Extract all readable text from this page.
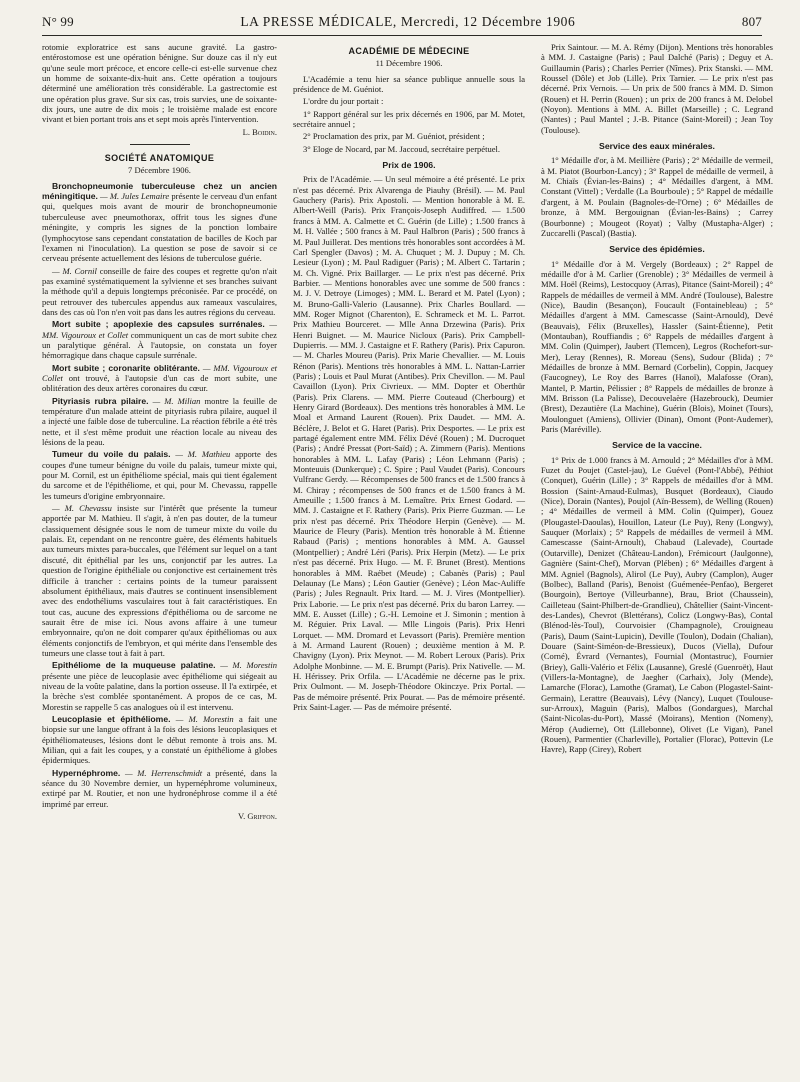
N° 99	LA PRESSE MÉDICALE, Mercredi, 12 Décembre 1906	807

rotomie exploratrice est sans aucune gravité. La gastro-entérostomose est une opération bénigne. Sur douze cas il n'y eut qu'une seule mort précoce, et encore celle-ci est-elle survenue chez un homme de soixante-dix-huit ans. Cette opération a toujours déterminé une amélioration très considérable. La gastrectomie est une opération plus grave. Sur six cas, trois survies, une de soixante-dix jours, une autre de dix mois ; le troisième malade est encore vivant et bien portant trois ans et sept mois après l'intervention.

L. Boidin.
SOCIÉTÉ ANATOMIQUE
7 Décembre 1906.

Bronchopneumonie tuberculeuse chez un ancien méningitique. — M. Jules Lemaire présente le cerveau d'un enfant qui, quelques mois avant de mourir de bronchopneumonie tuberculeuse avec pneumothorax, offrit tous les signes d'une méningite, y compris les signes de la ponction lombaire (lymphocytose sans cependant constatation de bacilles de Koch par l'examen ni l'inoculation). La question se pose de savoir si ce cerveau présente actuellement des lésions de tuberculose guérie.

— M. Cornil conseille de faire des coupes et regrette qu'on n'ait pas examiné systématiquement la sylvienne et ses branches suivant la méthode qu'il a depuis longtemps préconisée. Par ce procédé, on peut retrouver des tubercules appendus aux rameaux vasculaires, dans des cas où l'on n'en voit pas dans les autres régions du cerveau.

Mort subite ; apoplexie des capsules surrénales. — MM. Vigouroux et Collet communiquent un cas de mort subite chez un paralytique général. À l'autopsie, on constata un foyer hémorragique dans chaque capsule surrénale.

Mort subite ; coronarite oblitérante. — MM. Vigouroux et Collet ont trouvé, à l'autopsie d'un cas de mort subite, une oblitération des deux artères coronaires du cœur.

Pityriasis rubra pilaire. — M. Milian montre la feuille de température d'un malade atteint de pityriasis rubra pilaire, auquel il a injecté une faible dose de tuberculine. La réaction fébrile a été très nette, et il s'est même produit une réaction locale au niveau des lésions de la peau.

Tumeur du voile du palais. — M. Mathieu apporte des coupes d'une tumeur bénigne du voile du palais, tumeur mixte qui, pour M. Cornil, est un épithéliome spécial, mais qui tient également du sarcome et de l'épithéliome, et qui, pour M. Chevassu, rappelle les tumeurs d'origine embryonnaire.

— M. Chevassu insiste sur l'intérêt que présente la tumeur apportée par M. Mathieu. Il s'agit, à n'en pas douter, de la tumeur classiquement désignée sous le nom de tumeur mixte du voile du palais. Et, cependant on ne rencontre guère, des éléments habituels aux tumeurs mixtes para-buccales, que l'élément sur lequel on a tant discuté, dit épithélial par les uns, conjonctif par les autres. La question de l'origine épithéliale ou conjonctive est certainement très difficile à trancher : certains points de la tumeur paraissent absolument épithéliaux, mais d'autres se continuent insensiblement avec des endothéliums vasculaires tout à fait caractéristiques. En tout cas, aucune des expressions d'épithélioma ou de sarcome ne saurait être de mise ici. Nous avons affaire à une tumeur embryonnaire, qu'on ne doit comparer qu'aux épithéliomas ou aux éléments conjonctifs de l'embryon, et qui mérite dans l'ensemble des tumeurs une classe tout à fait à part.

Epithéliome de la muqueuse palatine. — M. Morestin présente une pièce de leucoplasie avec épithéliome qui siégeait au niveau de la voûte palatine, dans la portion osseuse. Il l'a extirpée, et la brèche s'est comblée spontanément. A propos de ce cas, M. Morestin se rappelle 5 cas analogues où il est intervenu.

Leucoplasie et épithéliome. — M. Morestin a fait une biopsie sur une langue offrant à la fois des lésions leucoplasiques et épithéliomateuses, lésions dont le début remonte à trois ans. M. Milian, qui a fait les coupes, y a constaté un épithéliome à globes épidermiques.

Hypernéphrome. — M. Herrenschmidt a présenté, dans la séance du 30 Novembre dernier, un hypernéphrome volumineux, extirpé par M. Routier, et non une hydronéphrose comme il a été imprimé par erreur.

V. Griffon.
ACADÉMIE DE MÉDECINE
11 Décembre 1906.

L'Académie a tenu hier sa séance publique annuelle sous la présidence de M. Guéniot.

L'ordre du jour portait :

1° Rapport général sur les prix décernés en 1906, par M. Motet, secrétaire annuel ;

2° Proclamation des prix, par M. Guéniot, président ;

3° Eloge de Nocard, par M. Jaccoud, secrétaire perpétuel.

Prix de 1906.

Prix de l'Académie. — Un seul mémoire a été présenté. Le prix n'est pas décerné. Prix Alvarenga de Piauhy (Brésil). — M. Paul Gauchery (Paris). Prix Apostoli. — Mention honorable à M. E. Albert-Weill (Paris). Prix François-Joseph Audiffred. — 1.500 francs à MM. A. Calmette et C. Guérin (de Lille) ; 1.500 francs à M. H. Vallée ; 500 francs à M. Paul Halbron (Paris) ; 500 francs à M. Paul Juillerat. Des mentions très honorables sont accordées à M. Carl Spengler (Davos) ; M. A. Chuquet ; M. J. Dupuy ; M. Ch. Lesieur (Lyon) ; M. Paul Radiguer (Paris) ; M. Albert C. Tartarin ; M. Ch. Vigné. Prix Baillarger. — Le prix n'est pas décerné. Prix Barbier. — Mentions honorables avec une somme de 500 francs : M. J. V. Detroye (Limoges) ; MM. L. Berard et M. Patel (Lyon) ; M. Bruno-Galli-Valerio (Lausanne). Prix Charles Boullard. — MM. Roger Mignot (Charenton), E. Schrameck et M. L. Parrot. Prix Mathieu Bourceret. — Mlle Anna Drzewina (Paris). Prix Henri Buignet. — M. Maurice Nicloux (Paris). Prix Campbell-Dupierris. — MM. J. Castaigne et F. Rathery (Paris). Prix Capuron. — M. Charles Moureu (Paris). Prix Marie Chevallier. — M. Louis Rénon (Paris). Mentions très honorables à MM. L. Nattan-Larrier (Paris) ; Louis et Paul Murat (Antibes). Prix Chevillon. — M. Paul Cavaillon (Lyon). Prix Civrieux. — MM. Dopter et Oberthür (Paris). Prix Clarens. — MM. Pierre Couteaud (Cherbourg) et Henry Girard (Bordeaux). Des mentions très honorables à MM. Le Moal et Armand Laurent (Rouen). Prix Daudet. — MM. A. Béclère, J. Belot et G. Haret (Paris). Prix Desportes. — Le prix est partagé également entre MM. Félix Dévé (Rouen) ; M. Ducroquet (Paris) ; André Pressat (Port-Saïd) ; A. Zimmern (Paris). Mentions honorables à MM. L. Lafay (Paris) ; Léon Lehmann (Paris) ; Monteuuis (Dunkerque) ; C. Spire ; Paul Vaudet (Paris). Concours Vulfranc Gerdy. — Récompenses de 500 francs et de 1.500 francs à M. Chiray ; récompenses de 500 francs et de 1.500 francs à M. Ameuille ; 1.500 francs à M. Lemaître. Prix Ernest Godard. — MM. J. Castaigne et F. Rathery (Paris). Prix Pierre Guzman. — Le prix n'est pas décerné. Prix Théodore Herpin (Genève). — M. Maurice de Fleury (Paris). Mention très honorable à M. Étienne Rabaud (Paris) ; mentions honorables à MM. A. Gaussel (Montpellier) ; André Léri (Paris). Prix Herpin (Metz). — Le prix n'est pas décerné. Prix Hugo. — M. F. Brunet (Brest). Mentions honorables à MM. Raébet (Meude) ; Cabanès (Paris) ; Paul Delaunay (Le Mans) ; Léon Gautier (Genève) ; Léon Mac-Auliffe (Paris) ; Jules Regnault. Prix Itard. — M. J. Vires (Montpellier). Prix Laborie. — Le prix n'est pas décerné. Prix du baron Larrey. — MM. E. Ausset (Lille) ; G.-H. Lemoine et J. Simonin ; mention à M. Réguier. Prix Laval. — Mlle Lingois (Paris). Prix Henri Lorquet. — MM. Dromard et Levassort (Paris). Première mention à M. Armand Laurent (Rouen) ; deuxième mention à M. P. Chavigny (Lyon). Prix Meynot. — M. Robert Leroux (Paris). Prix Adolphe Monbinne. — M. E. Brumpt (Paris). Prix Nativelle. — M. H. Hérissey. Prix Orfila. — L'Académie ne décerne pas le prix. Prix Oulmont. — M. Joseph-Théodore Okinczye. Prix Portal. — Pas de mémoire présenté. Prix Pourat. — Pas de mémoire présenté. Prix Saint-Lager. — Pas de mémoire présenté.

Prix Saintour. — M. A. Rémy (Dijon). Mentions très honorables à MM. J. Castaigne (Paris) ; Paul Dalché (Paris) ; Deguy et A. Guillaumin (Paris) ; Charles Perrier (Nîmes). Prix Stanski. — MM. Roussel (Dôle) et Job (Lille). Prix Tarnier. — Le prix n'est pas décerné. Prix Vernois. — Un prix de 500 francs à MM. D. Simon (Rouen) et H. Perrin (Rouen) ; un prix de 200 francs à M. Delobel (Noyon). Mentions à MM. A. Billet (Marseille) ; C. Legrand (Nantes) ; Paul Mantel ; J.-B. Pitance (Saint-Moreil) ; Jean Toy (Toulouse).

Service des eaux minérales.

1° Médaille d'or, à M. Meillière (Paris) ; 2° Médaille de vermeil, à M. Piatot (Bourbon-Lancy) ; 3° Rappel de médaille de vermeil, à M. Chiaïs (Évian-les-Bains) ; 4° Médailles d'argent, à MM. Constant (Vittel) ; Verdalle (La Bourboule) ; 5° Rappel de médaille d'argent, à M. Poulain (Bagnoles-de-l'Orne) ; 6° Médailles de bronze, à MM. Bergouignan (Évian-les-Bains) ; Carrey (Bourbonne) ; Mougeot (Royat) ; Valby (Mustapha-Alger) ; Zuccarelli (Pascal) (Bastia).

Service des épidémies.

1° Médaille d'or à M. Vergely (Bordeaux) ; 2° Rappel de médaille d'or à M. Carlier (Grenoble) ; 3° Médailles de vermeil à MM. Hoël (Reims), Lestocquoy (Arras), Pitance (Saint-Moreil) ; 4° Rappels de médailles de vermeil à MM. André (Toulouse), Balestre (Nice), Baudin (Besançon), Foucault (Fontainebleau) ; 5° Médailles d'argent à MM. Camescasse (Saint-Arnould), Devé (Beauvais), Félix (Bruxelles), Hassler (Saint-Étienne), Petit (Montauban), Rouffiandis ; 6° Rappels de médailles d'argent à MM. Colin (Quimper), Jaubert (Tlemcen), Legros (Rochefort-sur-Mer), Leray (Rennes), R. Moreau (Sens), Sudour (Blida) ; 7° Médailles de bronze à MM. Bernard (Corbelin), Coppin, Jacquey (Faucogney), Le Roy des Barres (Hanoï), Malafosse (Oran), Mantel, P. Martin, Pélissier ; 8° Rappels de médailles de bronze à MM. Brisson (La Palisse), Decouvelaère (Hazebrouck), Deumier (Brest), Dezautière (La Machine), Guérin (Blois), Moinet (Tours), Moulonguet (Amiens), Ollivier (Dinan), Omont (Pont-Audemer), Paris (Maréville).

Service de la vaccine.

1° Prix de 1.000 francs à M. Arnould ; 2° Médailles d'or à MM. Fuzet du Poujet (Castel-jau), Le Guével (Pont-l'Abbé), Péthiot (Conquet), Guérin (Lille) ; 3° Rappels de médailles d'or à MM. Bossion (Saint-Arnaud-Eulmas), Busquet (Bordeaux), Ciaudo (Nice), Dorain (Nantes), Poujol (Aïn-Bessem), de Welling (Rouen) ; 4° Médailles de vermeil à MM. Colin (Quimper), Gouez (Plougastel-Daoulas), Houillon, Lateur (Le Puy), Reny (Longwy), Sauquer (Morlaix) ; 5° Rappels de médailles de vermeil à MM. Camescasse (Saint-Arnoult), Chabaud (Lalevade), Courtade (Outarville), Denizet (Château-Landon), Frémicourt (Jaulgonne), Gagnière (Saint-Chef), Morvan (Plében) ; 6° Médailles d'argent à MM. Agniel (Bagnols), Alirol (Le Puy), Aubry (Camplon), Auger (Bolbec), Balland (Paris), Benoist (Guémenée-Penfao), Bergeret (Bourgoin), Bertoye (Villeurbanne), Brau, Briot (Chaussein), Cailleteau (Saint-Philbert-de-Grandlieu), Châtellier (Saint-Vincent-des-Landes), Chevrot (Blettérans), Colicz (Longwy-Bas), Contal (Blénod-lès-Toul), Courvoisier (Champagnole), Crouigneau (Paris), Daum (Saint-Lupicin), Deville (Toulon), Dodain (Chalian), Douare (Saint-Siméon-de-Bressieux), Ducos (Viella), Dufour (Corné), Évrard (Vernantes), Fournial (Montastruc), Fournier (Briey), Galli-Valério et Félix (Lausanne), Greslé (Guenroët), Haut (Villers-la-Montagne), de Jaegher (Carhaix), Joly (Mende), Lamarche (Florac), Lamothe (Gramat), Le Cabon (Plogastel-Saint-Germain), Lerattre (Beauvais), Lévy (Nancy), Luquet (Toulouse-sur-Arroux), Maguin (Paris), Malbos (Gondargues), Marchal (Saint-Nicolas-du-Port), Massé (Moirans), Mention (Nomeny), Mérop (Audierne), Ott (Lillebonne), Olivet (Le Vigan), Panel (Rouen), Parmentier (Charleville), Portalier (Florac), Pottevin (Le Havre), Rapp (Cirey), Robert
